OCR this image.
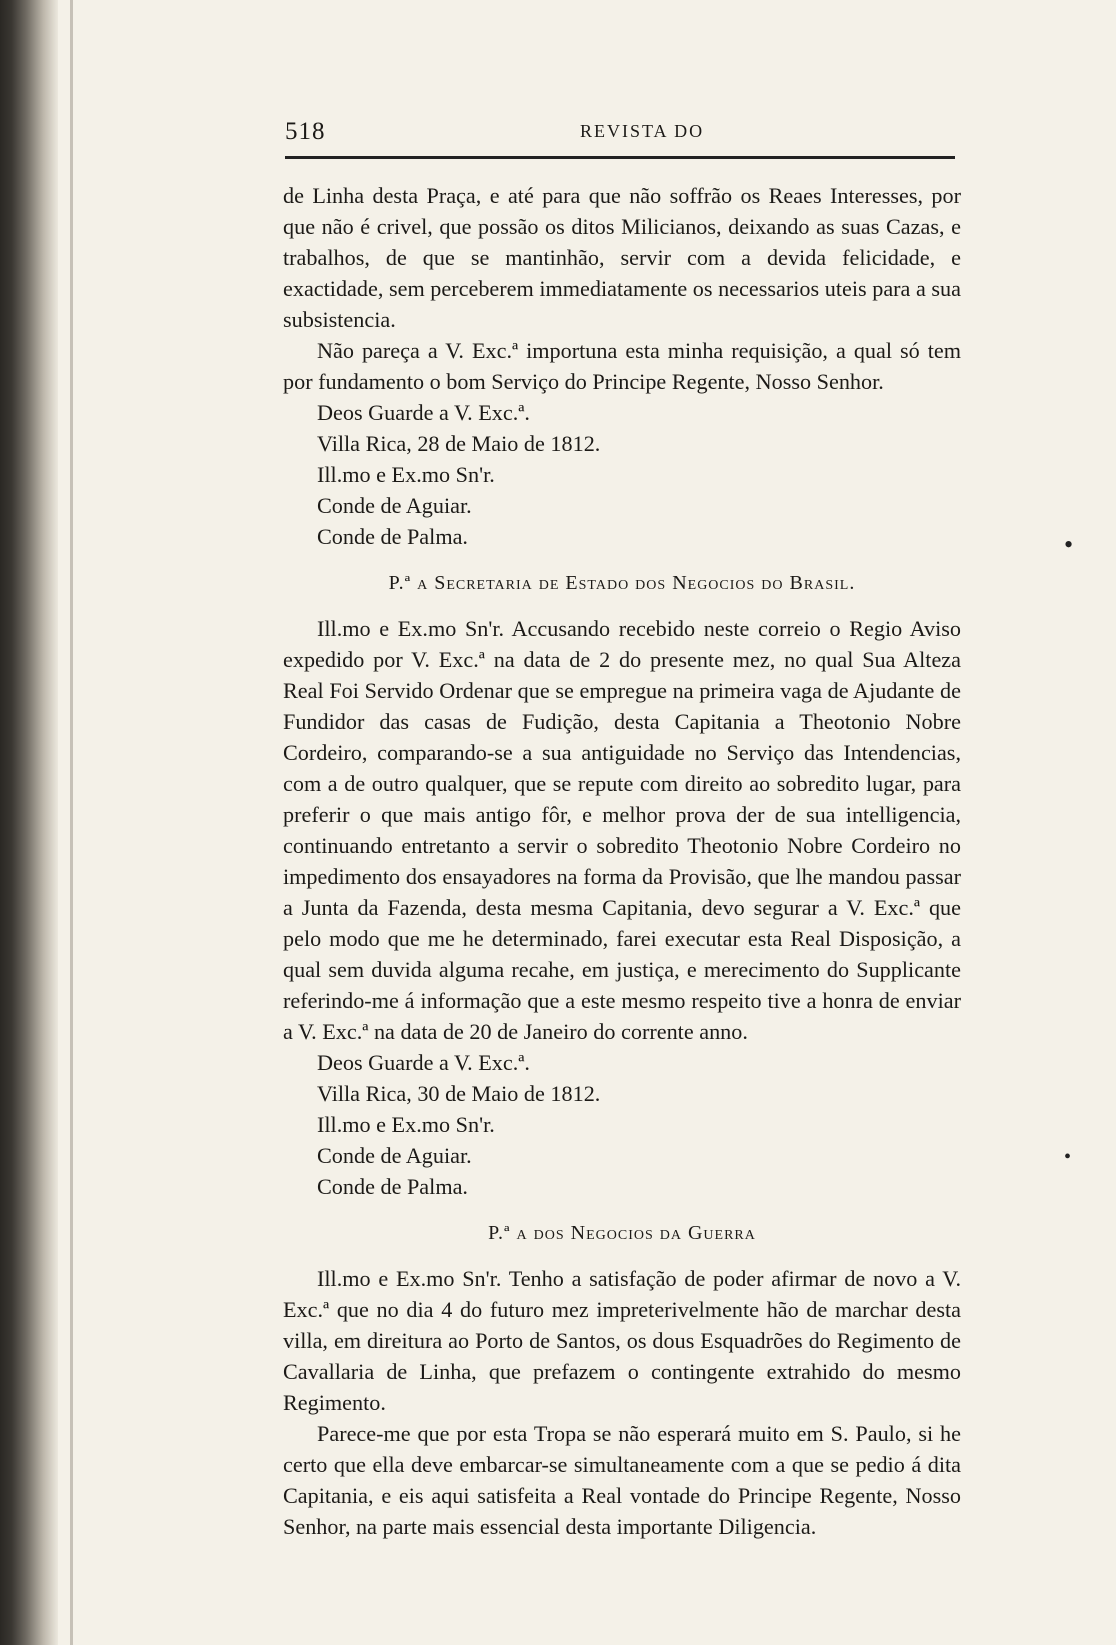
518	REVISTA DO

de Linha desta Praça, e até para que não soffrão os Reaes Interesses, por que não é crivel, que possão os ditos Milicianos, deixando as suas Cazas, e trabalhos, de que se mantinhão, servir com a devida felicidade, e exactidade, sem perceberem immediatamente os necessarios uteis para a sua subsistencia.

Não pareça a V. Exc.ª importuna esta minha requisição, a qual só tem por fundamento o bom Serviço do Principe Regente, Nosso Senhor.

Deos Guarde a V. Exc.ª.

Villa Rica, 28 de Maio de 1812.

Ill.mo e Ex.mo Sn'r.

Conde de Aguiar.

Conde de Palma.

P.ª a Secretaria de Estado dos Negocios do Brasil.

Ill.mo e Ex.mo Sn'r. Accusando recebido neste correio o Regio Aviso expedido por V. Exc.ª na data de 2 do presente mez, no qual Sua Alteza Real Foi Servido Ordenar que se empregue na primeira vaga de Ajudante de Fundidor das casas de Fudição, desta Capitania a Theotonio Nobre Cordeiro, comparando-se a sua antiguidade no Serviço das Intendencias, com a de outro qualquer, que se repute com direito ao sobredito lugar, para preferir o que mais antigo fôr, e melhor prova der de sua intelligencia, continuando entretanto a servir o sobredito Theotonio Nobre Cordeiro no impedimento dos ensayadores na forma da Provisão, que lhe mandou passar a Junta da Fazenda, desta mesma Capitania, devo segurar a V. Exc.ª que pelo modo que me he determinado, farei executar esta Real Disposição, a qual sem duvida alguma recahe, em justiça, e merecimento do Supplicante referindo-me á informação que a este mesmo respeito tive a honra de enviar a V. Exc.ª na data de 20 de Janeiro do corrente anno.

Deos Guarde a V. Exc.ª.

Villa Rica, 30 de Maio de 1812.

Ill.mo e Ex.mo Sn'r.

Conde de Aguiar.

Conde de Palma.

P.ª a dos Negocios da Guerra

Ill.mo e Ex.mo Sn'r. Tenho a satisfação de poder afirmar de novo a V. Exc.ª que no dia 4 do futuro mez impreterivelmente hão de marchar desta villa, em direitura ao Porto de Santos, os dous Esquadrões do Regimento de Cavallaria de Linha, que prefazem o contingente extrahido do mesmo Regimento.

Parece-me que por esta Tropa se não esperará muito em S. Paulo, si he certo que ella deve embarcar-se simultaneamente com a que se pedio á dita Capitania, e eis aqui satisfeita a Real vontade do Principe Regente, Nosso Senhor, na parte mais essencial desta importante Diligencia.

•
•
